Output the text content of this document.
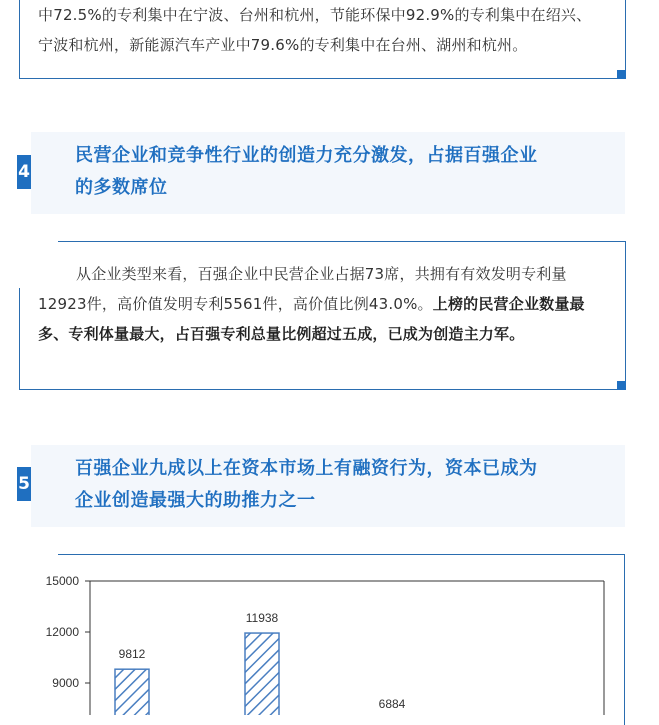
中72.5%的专利集中在宁波、台州和杭州，节能环保中92.9%的专利集中在绍兴、
宁波和杭州，新能源汽车产业中79.6%的专利集中在台州、湖州和杭州。
4
民营企业和竞争性行业的创造力充分激发，占据百强企业
的多数席位
从企业类型来看，百强企业中民营企业占据73席，共拥有有效发明专利量
12923件，高价值发明专利5561件，高价值比例43.0%。上榜的民营企业数量最
多、专利体量最大，占百强专利总量比例超过五成，已成为创造主力军。
5
百强企业九成以上在资本市场上有融资行为，资本已成为
企业创造最强大的助推力之一
15000
12000
9000
9812
11938
6884
